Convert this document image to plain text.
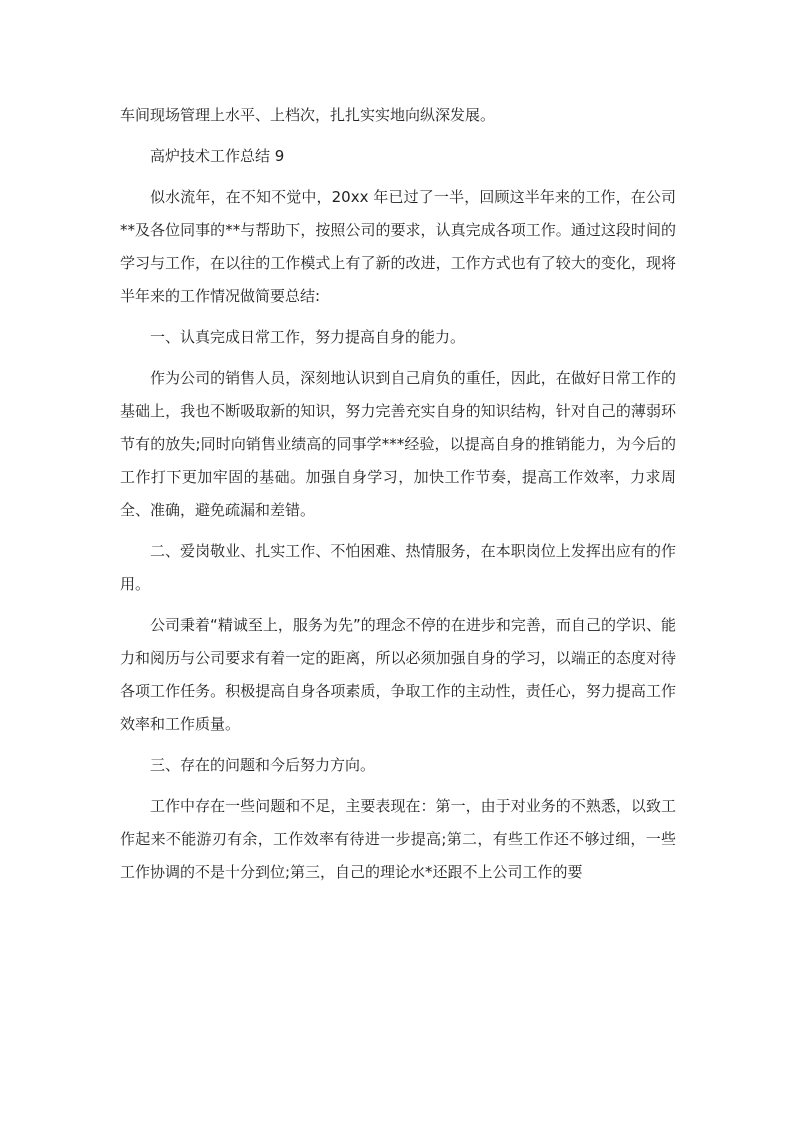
车间现场管理上水平、上档次，扎扎实实地向纵深发展。

高炉技术工作总结 9

似水流年，在不知不觉中，20xx 年已过了一半，回顾这半年来的工作，在公司**及各位同事的**与帮助下，按照公司的要求，认真完成各项工作。通过这段时间的学习与工作，在以往的工作模式上有了新的改进，工作方式也有了较大的变化，现将半年来的工作情况做简要总结:

一、认真完成日常工作，努力提高自身的能力。

作为公司的销售人员，深刻地认识到自己肩负的重任，因此，在做好日常工作的基础上，我也不断吸取新的知识，努力完善充实自身的知识结构，针对自己的薄弱环节有的放失;同时向销售业绩高的同事学***经验，以提高自身的推销能力，为今后的工作打下更加牢固的基础。加强自身学习，加快工作节奏，提高工作效率，力求周全、准确，避免疏漏和差错。

二、爱岗敬业、扎实工作、不怕困难、热情服务，在本职岗位上发挥出应有的作用。

公司秉着“精诚至上，服务为先”的理念不停的在进步和完善，而自己的学识、能力和阅历与公司要求有着一定的距离，所以必须加强自身的学习，以端正的态度对待各项工作任务。积极提高自身各项素质，争取工作的主动性，责任心，努力提高工作效率和工作质量。

三、存在的问题和今后努力方向。

工作中存在一些问题和不足，主要表现在：第一，由于对业务的不熟悉，以致工作起来不能游刃有余，工作效率有待进一步提高;第二，有些工作还不够过细，一些工作协调的不是十分到位;第三，自己的理论水*还跟不上公司工作的要
